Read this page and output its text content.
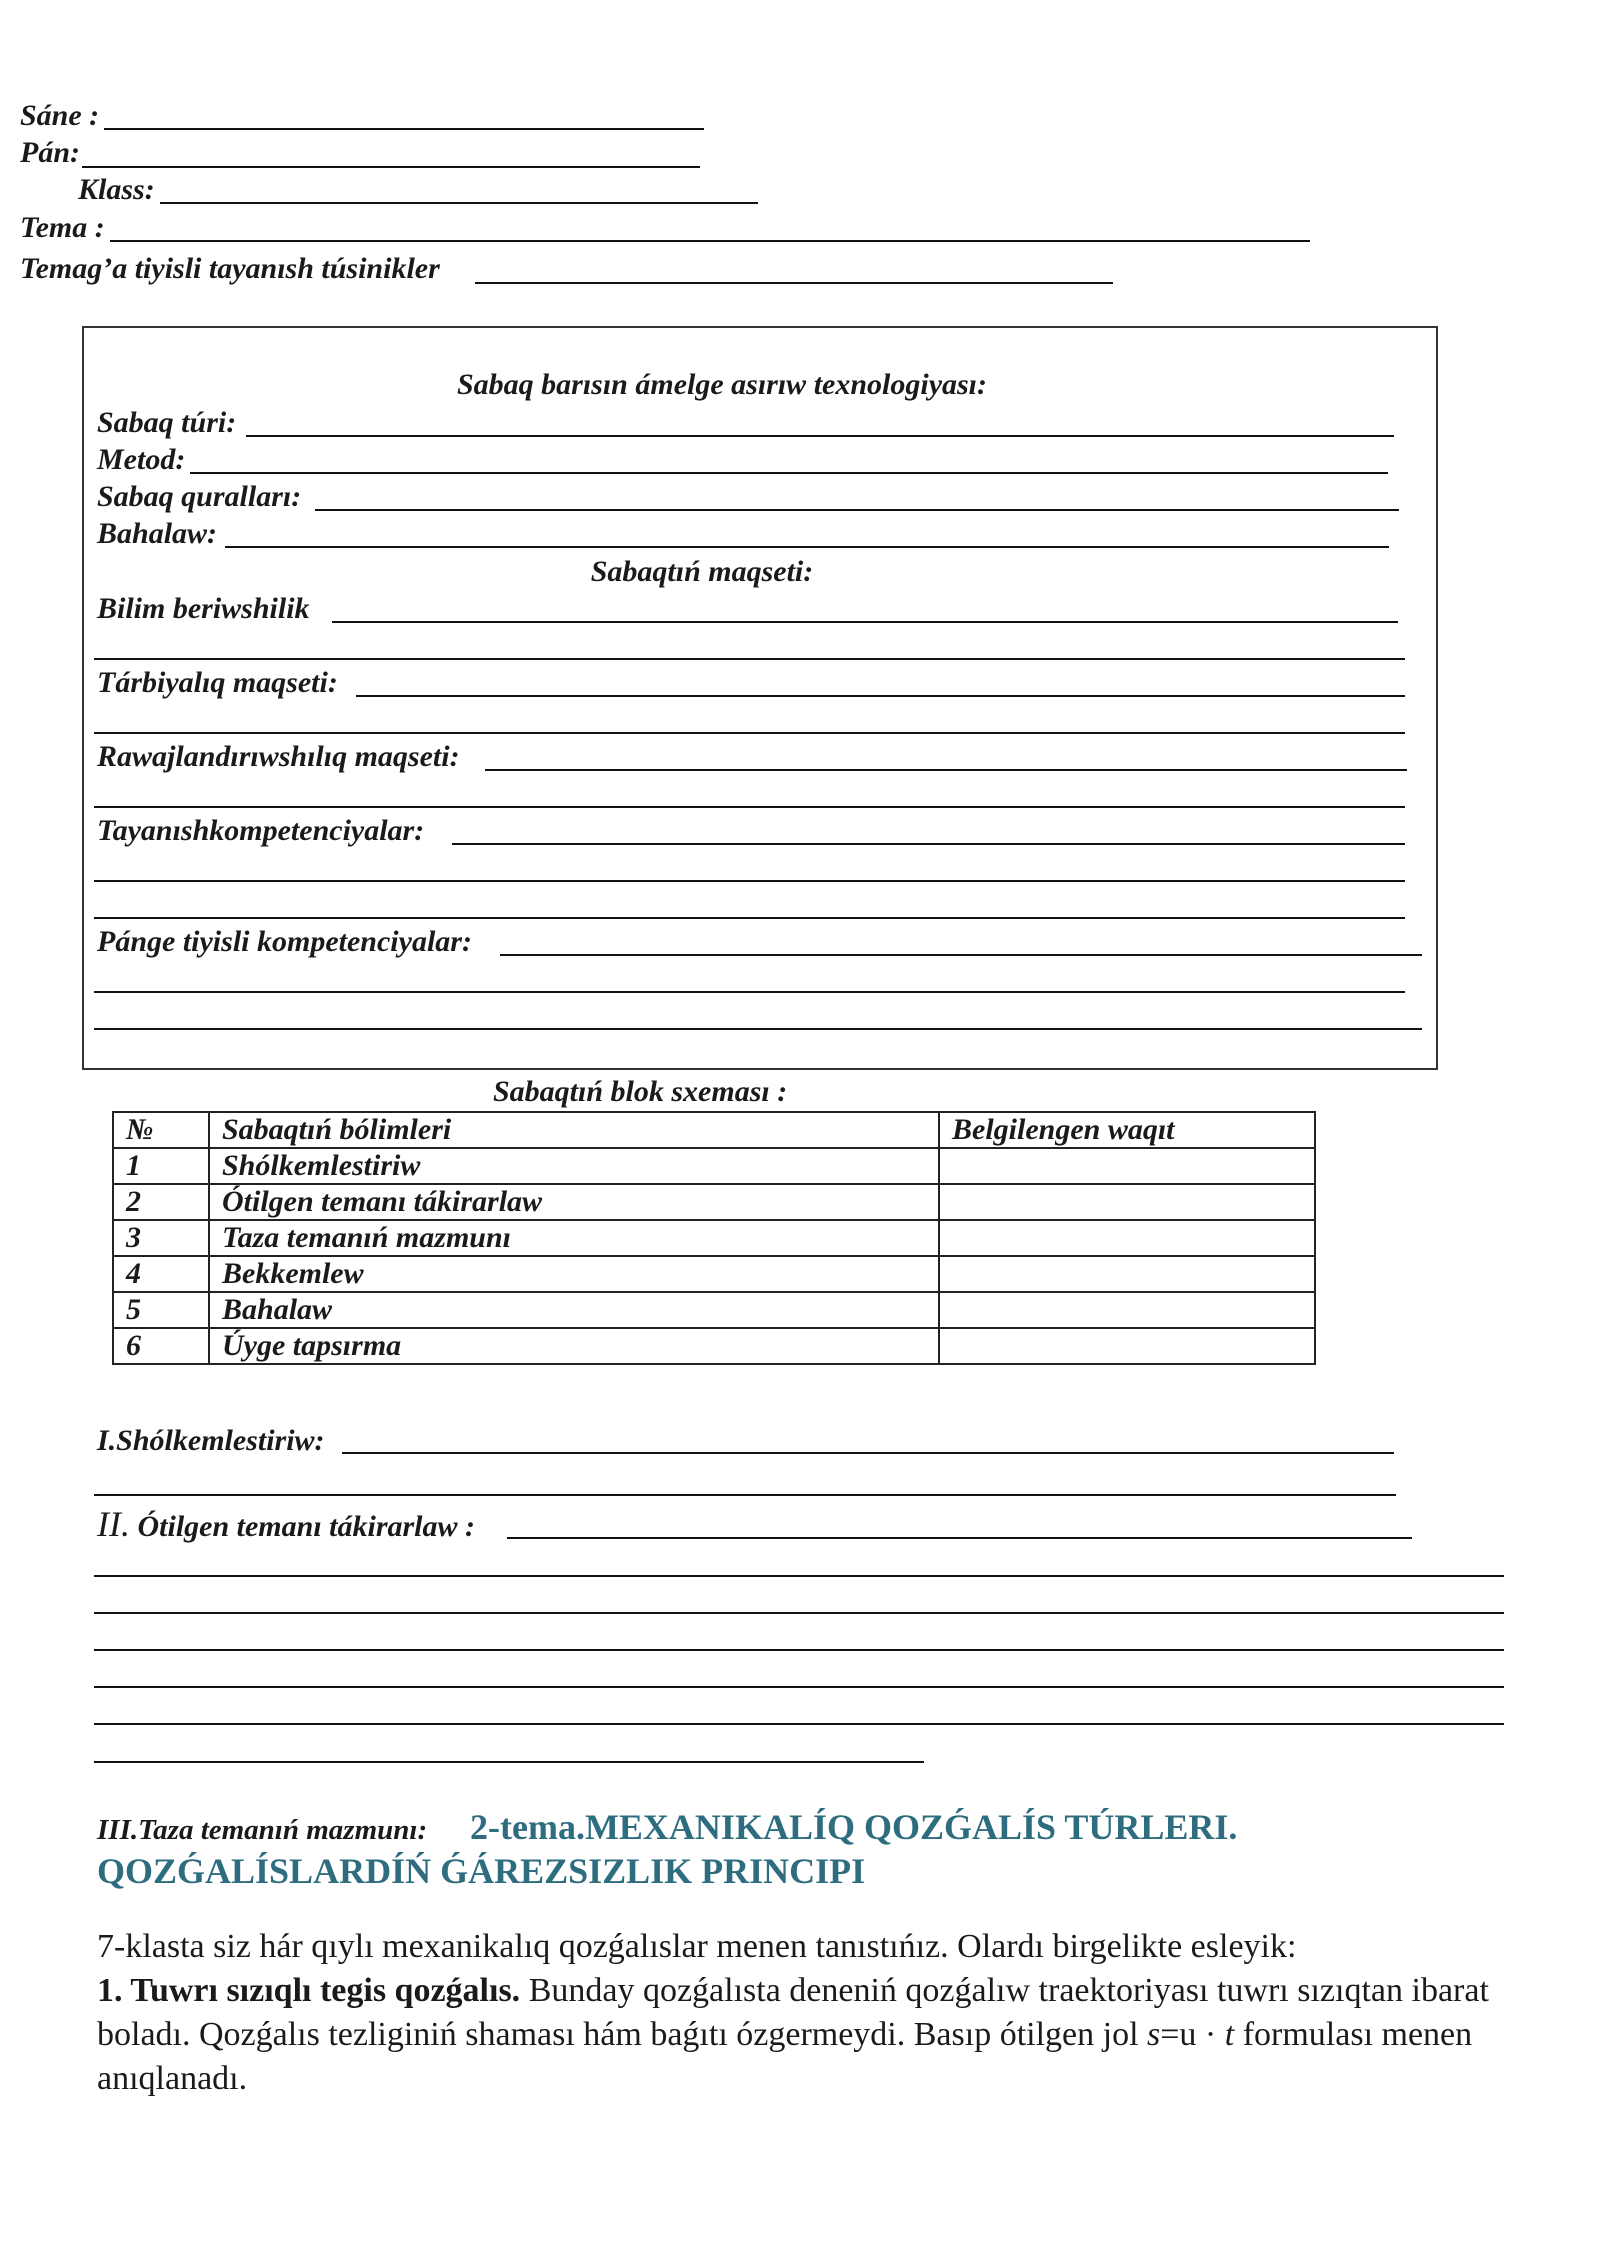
Sáne :
Pán:
Klass:
Tema :
Temag’a tiyisli tayanısh túsinikler
Sabaq barısın ámelge asırıw texnologiyası:
Sabaq túri:
Metod:
Sabaq quralları:
Bahalaw:
Sabaqtıń maqseti:
Bilim beriwshilik
Tárbiyalıq maqseti:
Rawajlandırıwshılıq maqseti:
Tayanıshkompetenciyalar:
Pánge tiyisli kompetenciyalar:
Sabaqtıń blok sxeması :
№	Sabaqtıń bólimleri	Belgilengen waqıt
1	Shólkemlestiriw	
2	Ótilgen temanı tákirarlaw	
3	Taza temanıń mazmunı	
4	Bekkemlew	
5	Bahalaw	
6	Úyge tapsırma	
I.Shólkemlestiriw:
II. Ótilgen temanı tákirarlaw :
III.Taza temanıń mazmunı: 2-tema.MEXANIKALÍQ QOZǴALÍS TÚRLERI.
QOZǴALÍSLARDÍŃ ǴÁREZSIZLIK PRINCIPI

7-klasta siz hár qıylı mexanikalıq qozǵalıslar menen tanıstıńız. Olardı birgelikte esleyik:

1. Tuwrı sızıqlı tegis qozǵalıs. Bunday qozǵalısta deneniń qozǵalıw traektoriyası tuwrı sızıqtan ibarat boladı. Qozǵalıs tezliginiń shaması hám baǵıtı ózgermeydi. Basıp ótilgen jol s=u · t formulası menen anıqlanadı.
